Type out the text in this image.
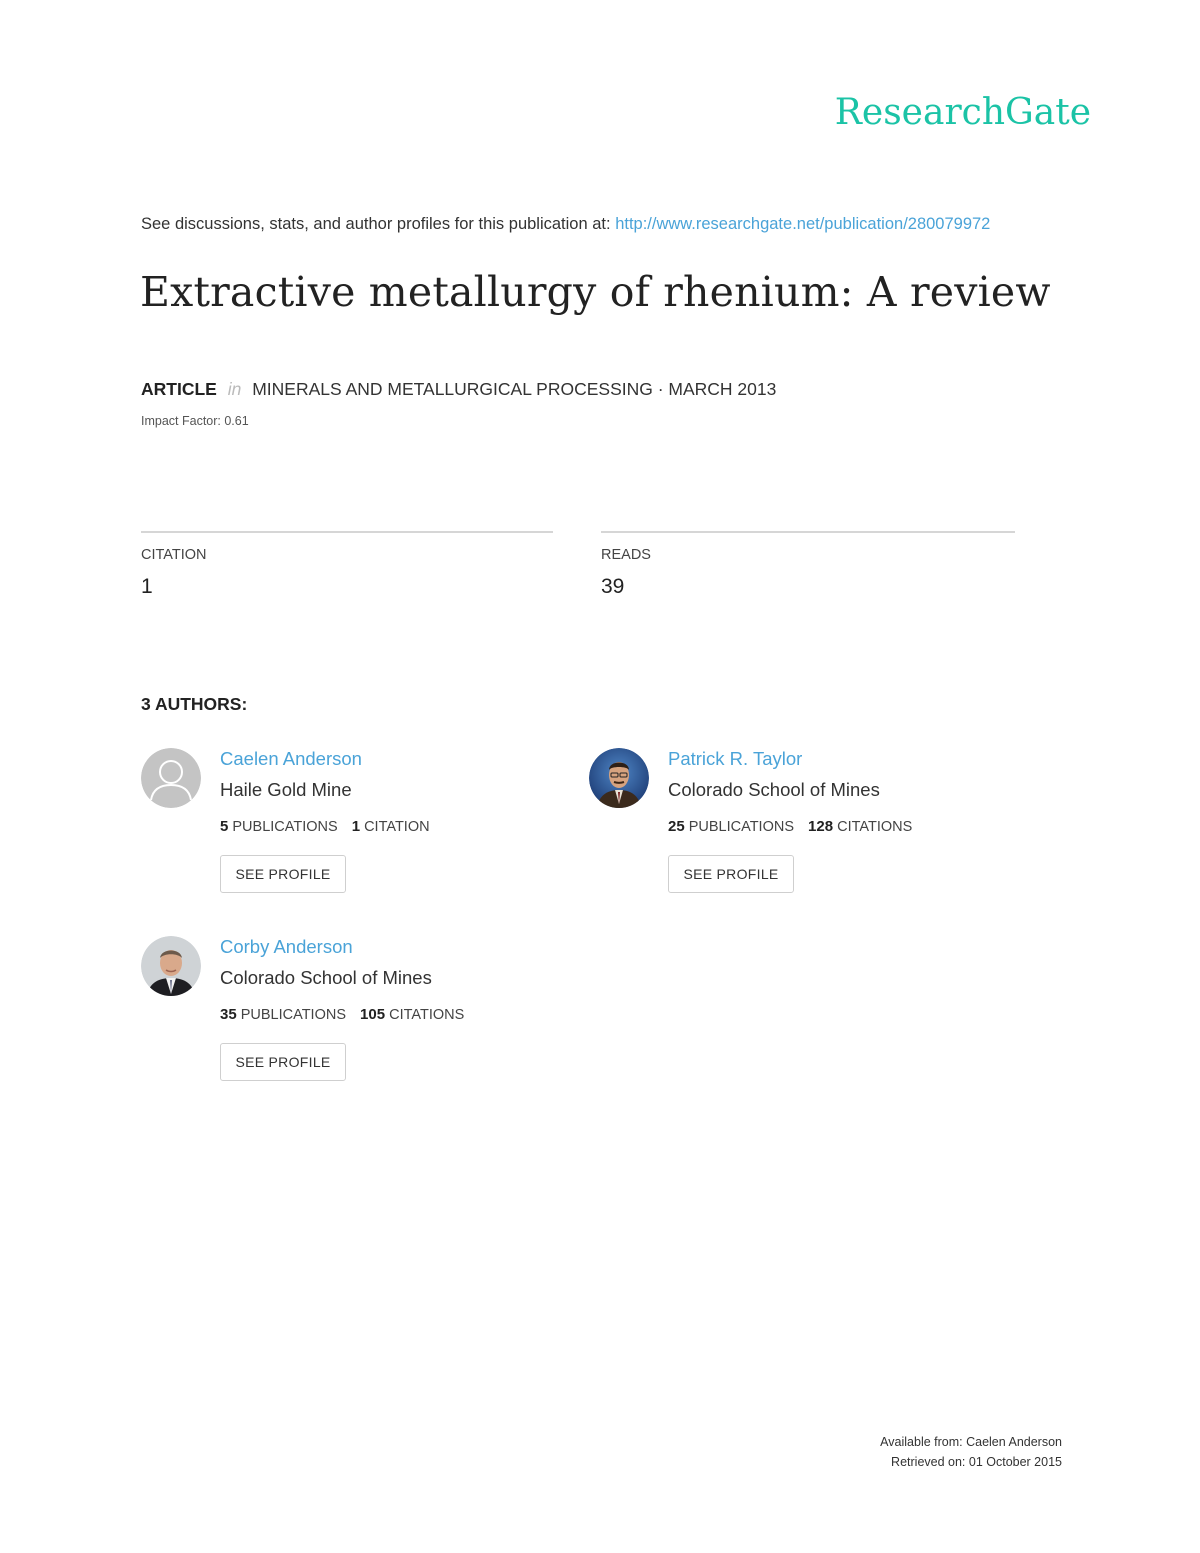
ResearchGate
See discussions, stats, and author profiles for this publication at: http://www.researchgate.net/publication/280079972
Extractive metallurgy of rhenium: A review
ARTICLE in MINERALS AND METALLURGICAL PROCESSING · MARCH 2013
Impact Factor: 0.61
CITATION
1
READS
39
3 AUTHORS:
Caelen Anderson
Haile Gold Mine
5 PUBLICATIONS 1 CITATION
SEE PROFILE
Patrick R. Taylor
Colorado School of Mines
25 PUBLICATIONS 128 CITATIONS
SEE PROFILE
Corby Anderson
Colorado School of Mines
35 PUBLICATIONS 105 CITATIONS
SEE PROFILE
Available from: Caelen Anderson
Retrieved on: 01 October 2015
